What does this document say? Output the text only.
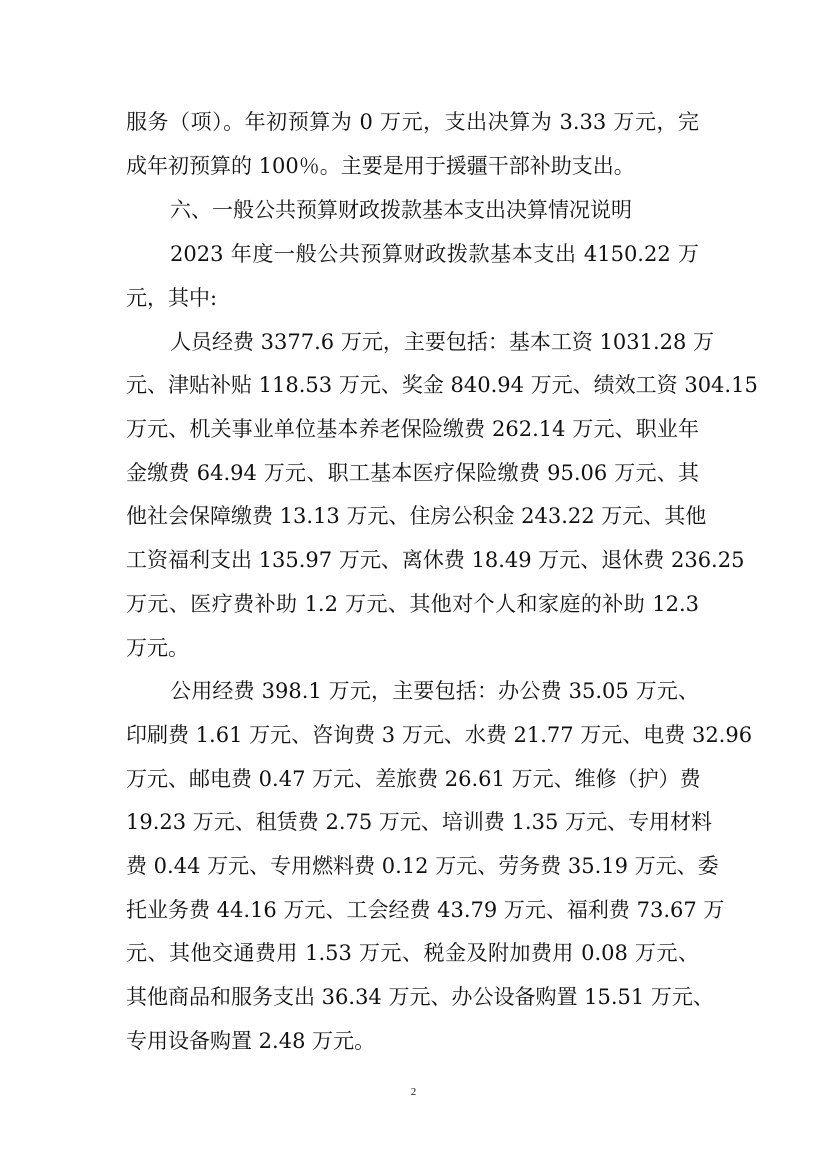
服务（项）。年初预算为 0 万元，支出决算为 3.33 万元，完
成年初预算的 100％。主要是用于援疆干部补助支出。
六、一般公共预算财政拨款基本支出决算情况说明
2023 年度一般公共预算财政拨款基本支出 4150.22 万
元，其中:
人员经费 3377.6 万元，主要包括：基本工资 1031.28 万
元、津贴补贴 118.53 万元、奖金 840.94 万元、绩效工资 304.15
万元、机关事业单位基本养老保险缴费 262.14 万元、职业年
金缴费 64.94 万元、职工基本医疗保险缴费 95.06 万元、其
他社会保障缴费 13.13 万元、住房公积金 243.22 万元、其他
工资福利支出 135.97 万元、离休费 18.49 万元、退休费 236.25
万元、医疗费补助 1.2 万元、其他对个人和家庭的补助 12.3
万元。
公用经费 398.1 万元，主要包括：办公费 35.05 万元、
印刷费 1.61 万元、咨询费 3 万元、水费 21.77 万元、电费 32.96
万元、邮电费 0.47 万元、差旅费 26.61 万元、维修（护）费
19.23 万元、租赁费 2.75 万元、培训费 1.35 万元、专用材料
费 0.44 万元、专用燃料费 0.12 万元、劳务费 35.19 万元、委
托业务费 44.16 万元、工会经费 43.79 万元、福利费 73.67 万
元、其他交通费用 1.53 万元、税金及附加费用 0.08 万元、
其他商品和服务支出 36.34 万元、办公设备购置 15.51 万元、
专用设备购置 2.48 万元。
2
